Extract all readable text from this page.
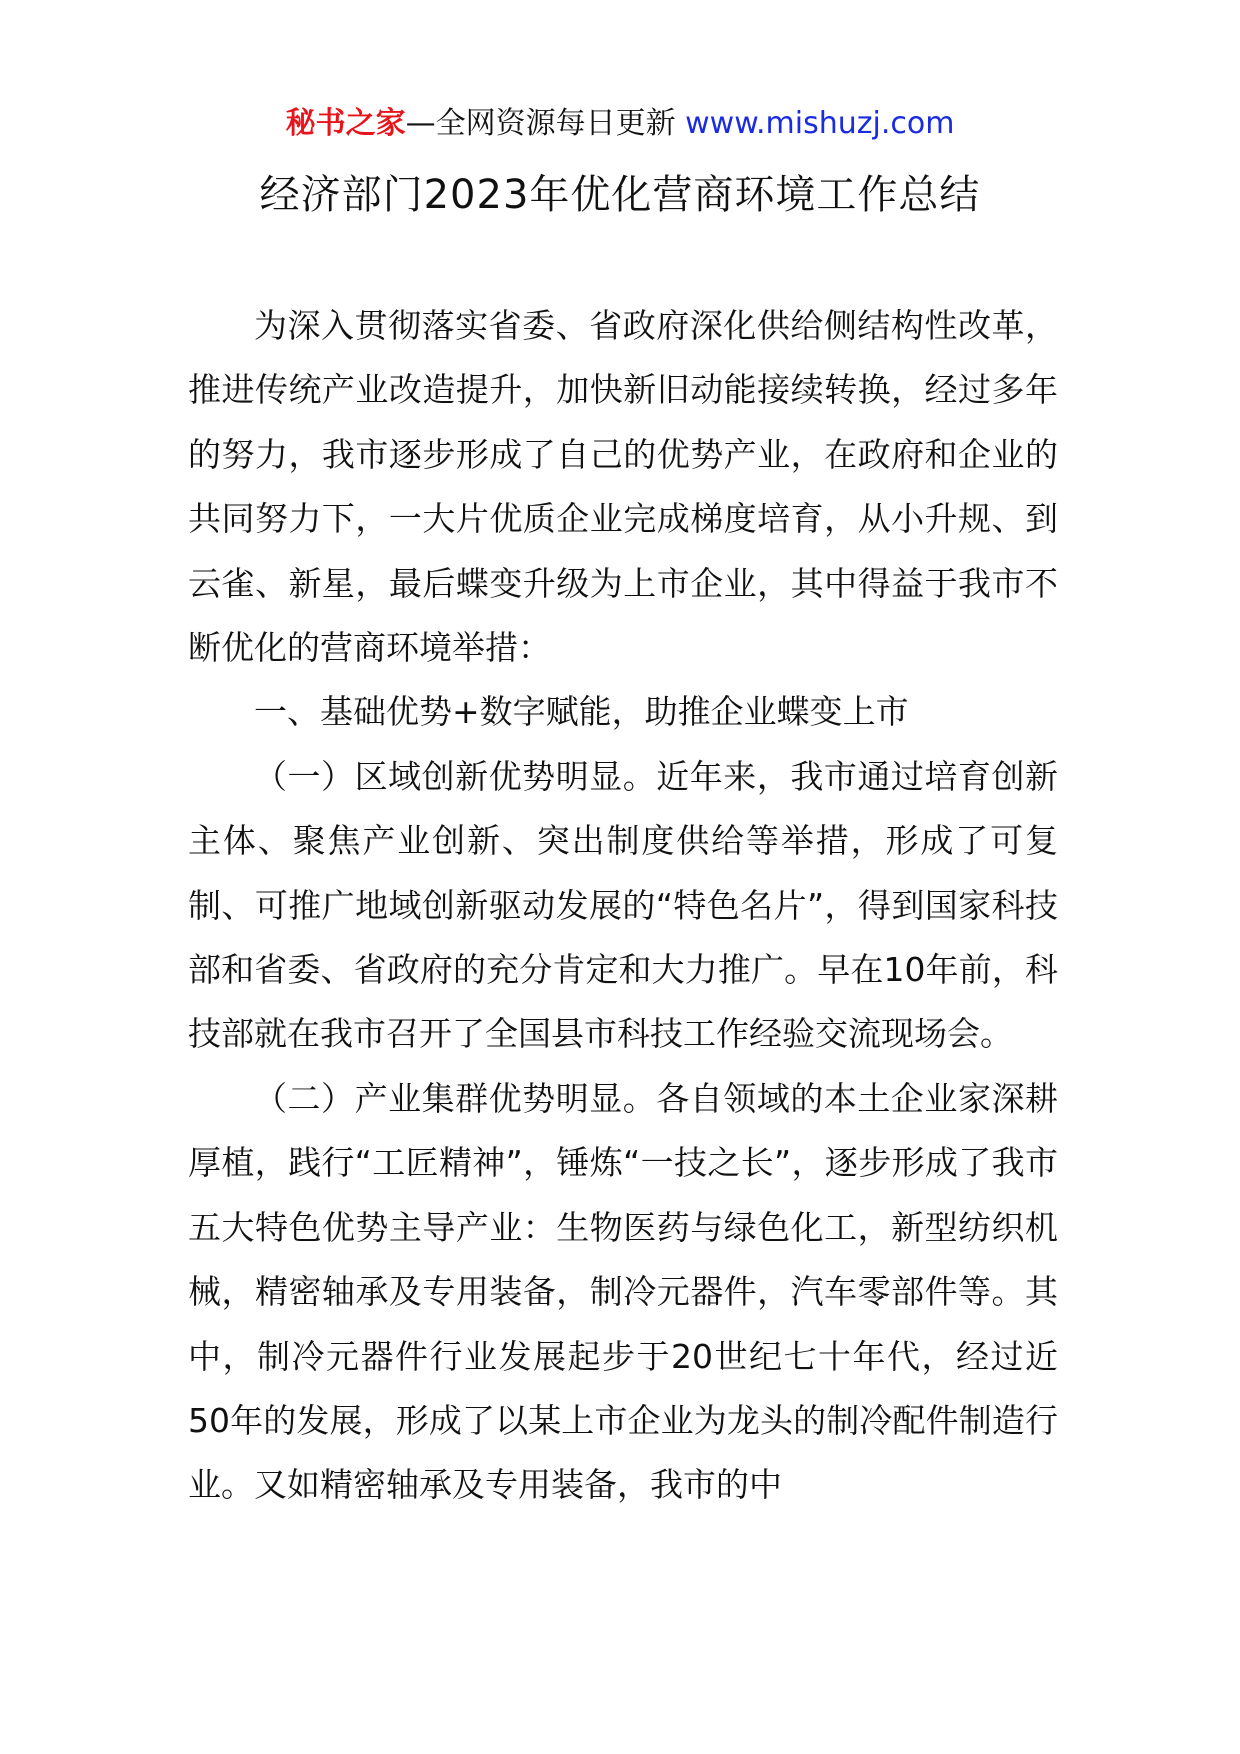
秘书之家—全网资源每日更新 www.mishuzj.com
经济部门2023年优化营商环境工作总结

为深入贯彻落实省委、省政府深化供给侧结构性改革，推进传统产业改造提升，加快新旧动能接续转换，经过多年的努力，我市逐步形成了自己的优势产业，在政府和企业的共同努力下，一大片优质企业完成梯度培育，从小升规、到云雀、新星，最后蝶变升级为上市企业，其中得益于我市不断优化的营商环境举措：

一、基础优势+数字赋能，助推企业蝶变上市

（一）区域创新优势明显。近年来，我市通过培育创新主体、聚焦产业创新、突出制度供给等举措，形成了可复制、可推广地域创新驱动发展的“特色名片”，得到国家科技部和省委、省政府的充分肯定和大力推广。早在10年前，科技部就在我市召开了全国县市科技工作经验交流现场会。

（二）产业集群优势明显。各自领域的本土企业家深耕厚植，践行“工匠精神”，锤炼“一技之长”，逐步形成了我市五大特色优势主导产业：生物医药与绿色化工，新型纺织机械，精密轴承及专用装备，制冷元器件，汽车零部件等。其中，制冷元器件行业发展起步于20世纪七十年代，经过近50年的发展，形成了以某上市企业为龙头的制冷配件制造行业。又如精密轴承及专用装备，我市的中
